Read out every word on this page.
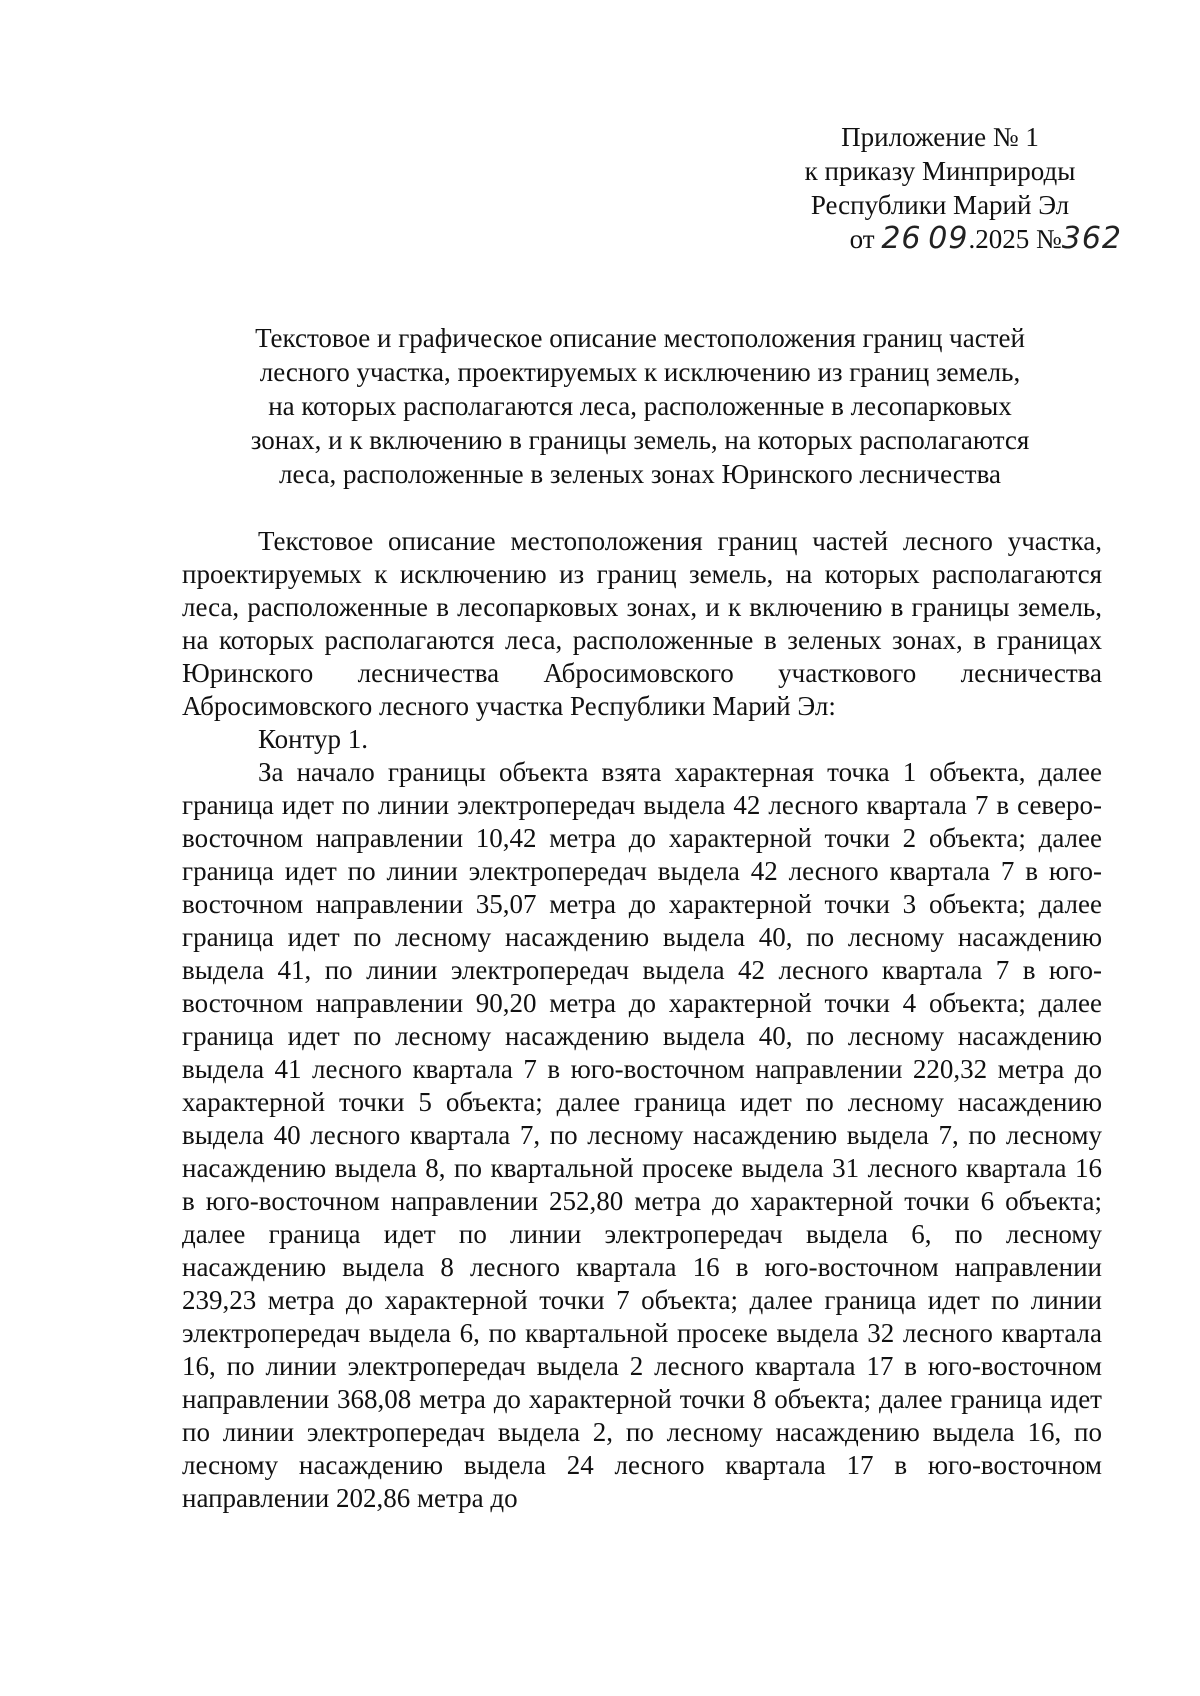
Приложение № 1
к приказу Минприроды
Республики Марий Эл
от 26 09.2025 №362
Текстовое и графическое описание местоположения границ частей
лесного участка, проектируемых к исключению из границ земель,
на которых располагаются леса, расположенные в лесопарковых
зонах, и к включению в границы земель, на которых располагаются
леса, расположенные в зеленых зонах Юринского лесничества

Текстовое описание местоположения границ частей лесного участка, проектируемых к исключению из границ земель, на которых располагаются леса, расположенные в лесопарковых зонах, и к включению в границы земель, на которых располагаются леса, расположенные в зеленых зонах, в границах Юринского лесничества Абросимовского участкового лесничества Абросимовского лесного участка Республики Марий Эл:

Контур 1.

За начало границы объекта взята характерная точка 1 объекта, далее граница идет по линии электропередач выдела 42 лесного квартала 7 в северо-восточном направлении 10,42 метра до характерной точки 2 объекта; далее граница идет по линии электропередач выдела 42 лесного квартала 7 в юго-восточном направлении 35,07 метра до характерной точки 3 объекта; далее граница идет по лесному насаждению выдела 40, по лесному насаждению выдела 41, по линии электропередач выдела 42 лесного квартала 7 в юго-восточном направлении 90,20 метра до характерной точки 4 объекта; далее граница идет по лесному насаждению выдела 40, по лесному насаждению выдела 41 лесного квартала 7 в юго-восточном направлении 220,32 метра до характерной точки 5 объекта; далее граница идет по лесному насаждению выдела 40 лесного квартала 7, по лесному насаждению выдела 7, по лесному насаждению выдела 8, по квартальной просеке выдела 31 лесного квартала 16 в юго-восточном направлении 252,80 метра до характерной точки 6 объекта; далее граница идет по линии электропередач выдела 6, по лесному насаждению выдела 8 лесного квартала 16 в юго-восточном направлении 239,23 метра до характерной точки 7 объекта; далее граница идет по линии электропередач выдела 6, по квартальной просеке выдела 32 лесного квартала 16, по линии электропередач выдела 2 лесного квартала 17 в юго-восточном направлении 368,08 метра до характерной точки 8 объекта; далее граница идет по линии электропередач выдела 2, по лесному насаждению выдела 16, по лесному насаждению выдела 24 лесного квартала 17 в юго-восточном направлении 202,86 метра до
